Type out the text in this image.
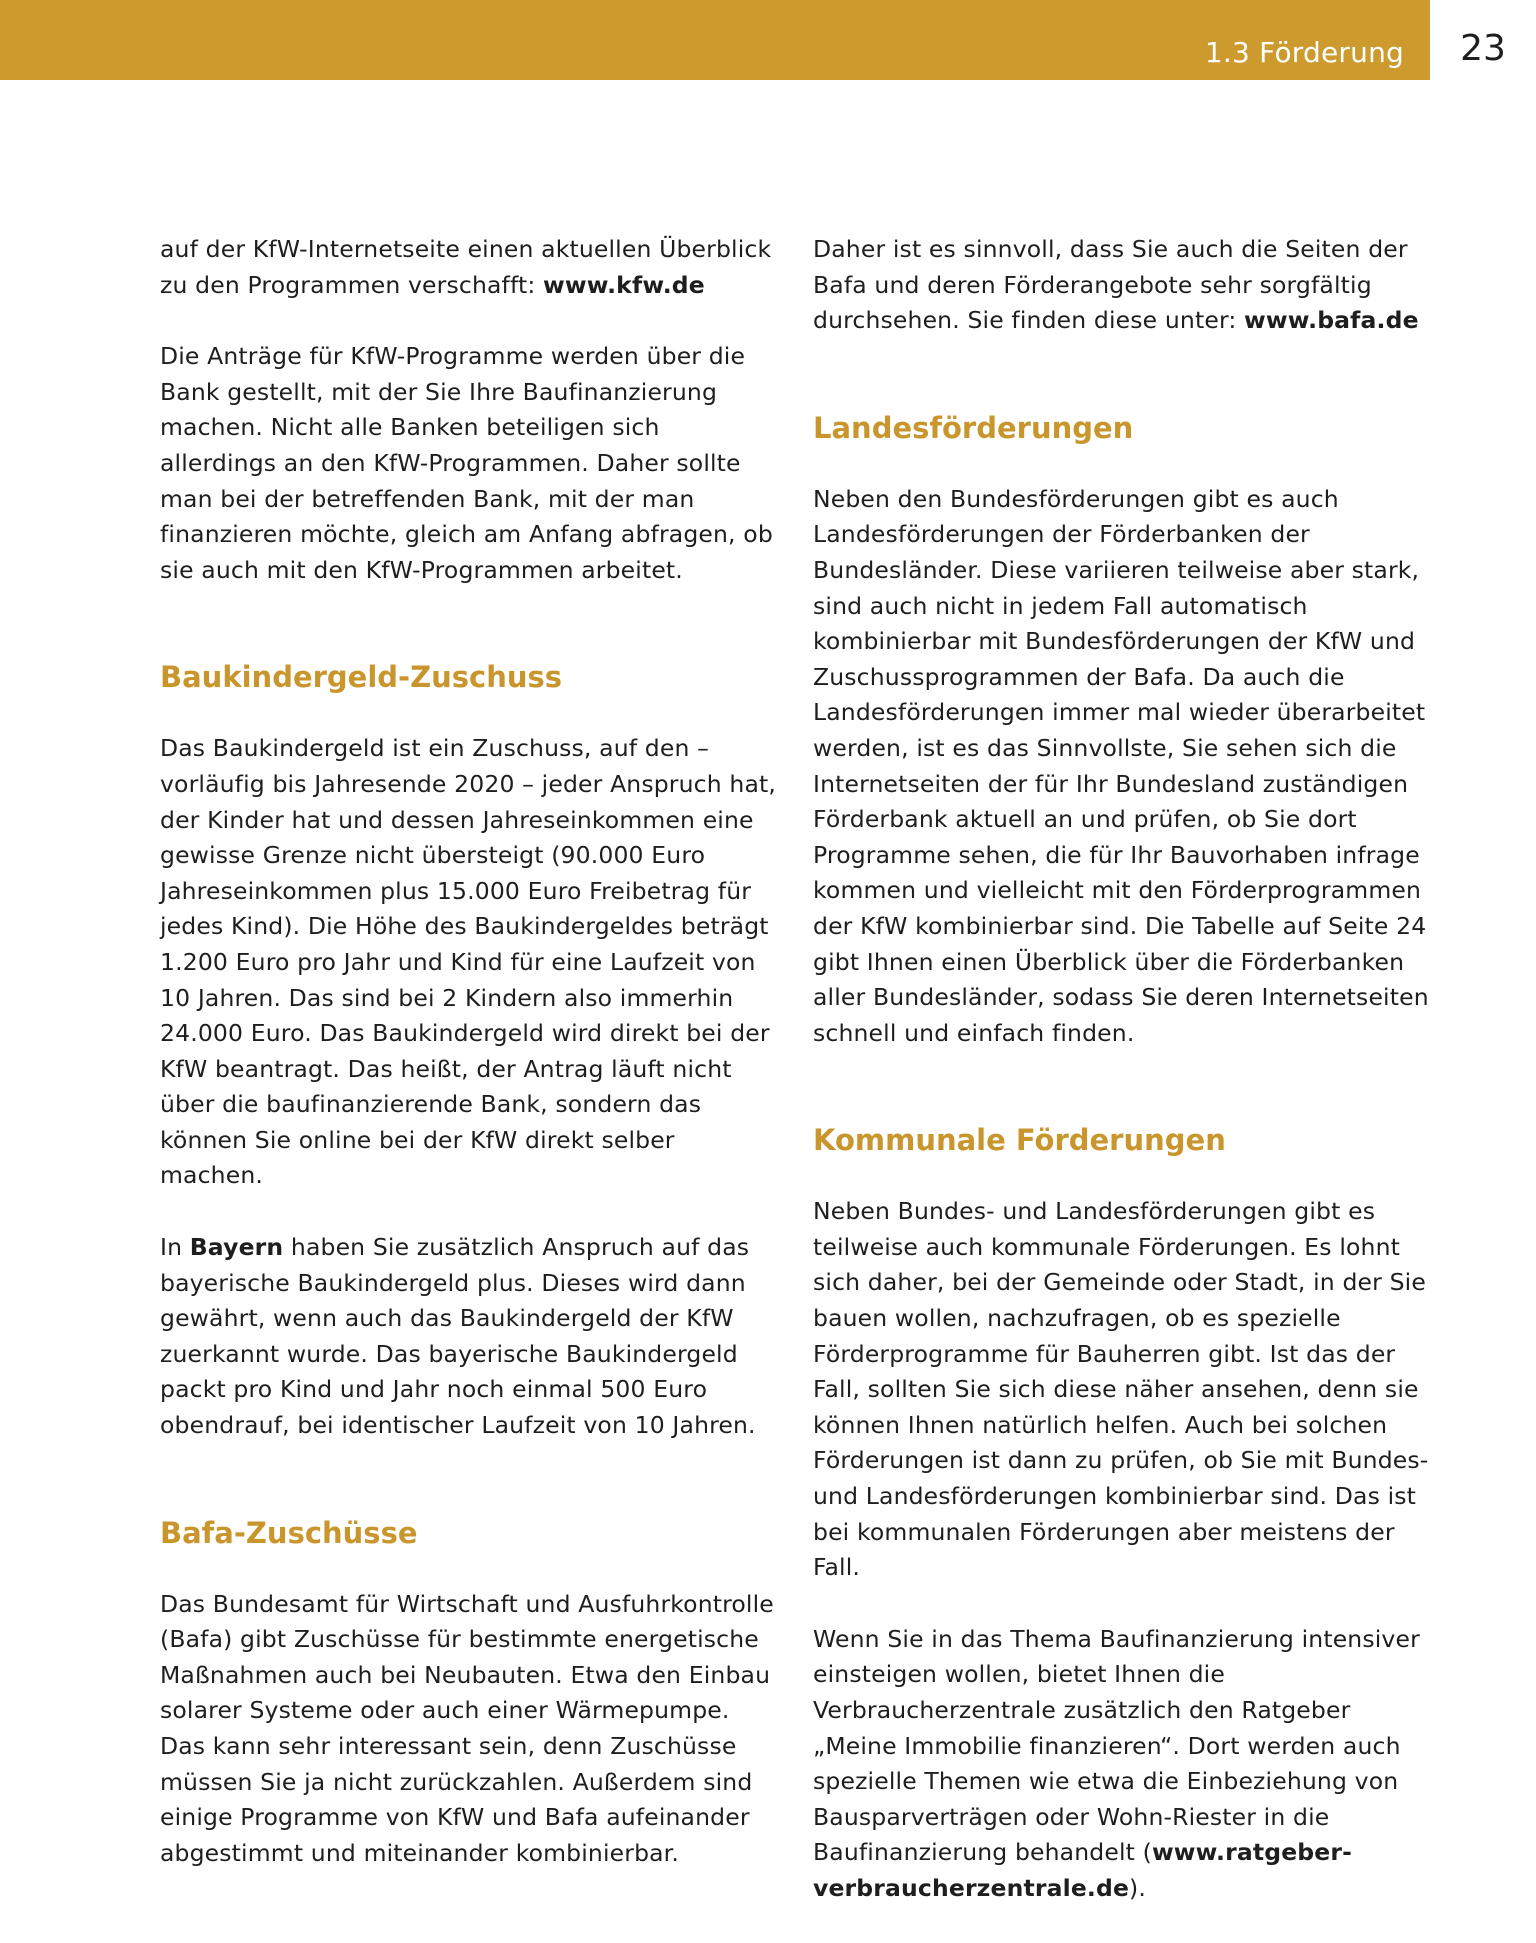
1.3 Förderung	23

auf der KfW-Internetseite einen aktuellen Überblick zu den Programmen verschafft: www.kfw.de

Die Anträge für KfW-Programme werden über die Bank gestellt, mit der Sie Ihre Baufinanzierung machen. Nicht alle Banken beteiligen sich allerdings an den KfW-Programmen. Daher sollte man bei der betreffenden Bank, mit der man finanzieren möchte, gleich am Anfang abfragen, ob sie auch mit den KfW-Programmen arbeitet.

Baukindergeld-Zuschuss

Das Baukindergeld ist ein Zuschuss, auf den – vorläufig bis Jahresende 2020 – jeder Anspruch hat, der Kinder hat und dessen Jahreseinkommen eine gewisse Grenze nicht übersteigt (90.000 Euro Jahreseinkommen plus 15.000 Euro Freibetrag für jedes Kind). Die Höhe des Baukindergeldes beträgt 1.200 Euro pro Jahr und Kind für eine Laufzeit von 10 Jahren. Das sind bei 2 Kindern also immerhin 24.000 Euro. Das Baukindergeld wird direkt bei der KfW beantragt. Das heißt, der Antrag läuft nicht über die baufinanzierende Bank, sondern das können Sie online bei der KfW direkt selber machen.

In Bayern haben Sie zusätzlich Anspruch auf das bayerische Baukindergeld plus. Dieses wird dann gewährt, wenn auch das Baukindergeld der KfW zuerkannt wurde. Das bayerische Baukindergeld packt pro Kind und Jahr noch einmal 500 Euro obendrauf, bei identischer Laufzeit von 10 Jahren.

Bafa-Zuschüsse

Das Bundesamt für Wirtschaft und Ausfuhrkontrolle (Bafa) gibt Zuschüsse für bestimmte energetische Maßnahmen auch bei Neubauten. Etwa den Einbau solarer Systeme oder auch einer Wärmepumpe. Das kann sehr interessant sein, denn Zuschüsse müssen Sie ja nicht zurückzahlen. Außerdem sind einige Programme von KfW und Bafa aufeinander abgestimmt und miteinander kombinierbar.

Daher ist es sinnvoll, dass Sie auch die Seiten der Bafa und deren Förderangebote sehr sorgfältig durchsehen. Sie finden diese unter: www.bafa.de

Landesförderungen

Neben den Bundesförderungen gibt es auch Landesförderungen der Förderbanken der Bundesländer. Diese variieren teilweise aber stark, sind auch nicht in jedem Fall automatisch kombinierbar mit Bundesförderungen der KfW und Zuschussprogrammen der Bafa. Da auch die Landesförderungen immer mal wieder überarbeitet werden, ist es das Sinnvollste, Sie sehen sich die Internetseiten der für Ihr Bundesland zuständigen Förderbank aktuell an und prüfen, ob Sie dort Programme sehen, die für Ihr Bauvorhaben infrage kommen und vielleicht mit den Förderprogrammen der KfW kombinierbar sind. Die Tabelle auf Seite 24 gibt Ihnen einen Überblick über die Förderbanken aller Bundesländer, sodass Sie deren Internetseiten schnell und einfach finden.

Kommunale Förderungen

Neben Bundes- und Landesförderungen gibt es teilweise auch kommunale Förderungen. Es lohnt sich daher, bei der Gemeinde oder Stadt, in der Sie bauen wollen, nachzufragen, ob es spezielle Förderprogramme für Bauherren gibt. Ist das der Fall, sollten Sie sich diese näher ansehen, denn sie können Ihnen natürlich helfen. Auch bei solchen Förderungen ist dann zu prüfen, ob Sie mit Bundes- und Landesförderungen kombinierbar sind. Das ist bei kommunalen Förderungen aber meistens der Fall.

Wenn Sie in das Thema Baufinanzierung intensiver einsteigen wollen, bietet Ihnen die Verbraucherzentrale zusätzlich den Ratgeber „Meine Immobilie finanzieren“. Dort werden auch spezielle Themen wie etwa die Einbeziehung von Bausparverträgen oder Wohn-Riester in die Baufinanzierung behandelt (www.ratgeber-verbraucherzentrale.de).
